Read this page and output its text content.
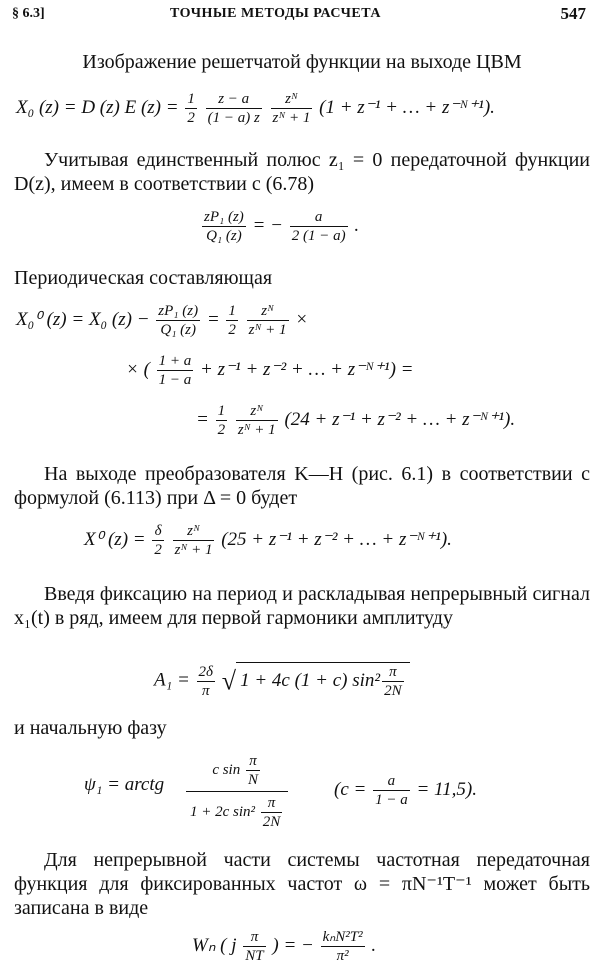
§ 6.3]	ТОЧНЫЕ МЕТОДЫ РАСЧЕТА	547
Изображение решетчатой функции на выходе ЦВМ
X₀ (z) = D (z) E $(z) = \frac{1}{2}$
$\frac{z - a}{(1 - a) z}$
$\frac{\text{zᴺ}}{\text{zᴺ + 1}} (1 + z^{-1}$ + … + z⁻ᴺ⁺¹).
Учитывая единственный полюс z₁ = 0 передаточной функции D(z), имеем в соответствии с (6.78)
$\frac{\text{zP₁ (z)}}{\text{Q₁ (z)}}$ = − $\frac{a}{2 (1 - a)}$ .
Периодическая составляющая
X₀⁰ (z) = X₀ $(z) - \frac{\text{zP₁ (z)}}{\text{Q₁ (z)}} = \frac{1}{2}$
$\frac{\text{zᴺ}}{\text{zᴺ + 1}}$ ×
× ( $\frac{1 + a}{1 - a} + z^{-1} + z^{-2}$ + … + z⁻ᴺ⁺¹) =
= $\frac{1}{2}$
$\frac{\text{zᴺ}}{\text{zᴺ + 1}} (24 + z^{-1} + z^{-2}$ + … + z⁻ᴺ⁺¹).
На выходе преобразователя K—H (рис. 6.1) в соответствии с формулой (6.113) при Δ = 0 будет
X⁰ $(z) = \frac{\delta}{2}$
$\frac{\text{zᴺ}}{\text{zᴺ + 1}} (25 + z^{-1} + z^{-2}$ + … + z⁻ᴺ⁺¹).
Введя фиксацию на период и раскладывая непрерывный сигнал x₁(t) в ряд, имеем для первой гармоники амплитуду
$A_1 = \frac{2\delta}{\pi}$ √ 1 + 4c (1 + c) $\sin^2 \frac{\pi}{2N}$
и начальную фазу
ψ₁ = arctg $\frac{c \sin \frac{\pi}{N}}{1 + 2c \sin^2 \frac{\pi}{2N}} (c = \frac{a}{1 - a} = 11,5)$.
Для непрерывной части системы частотная передаточная функция для фиксированных частот ω = πN⁻¹T⁻¹ может быть записана в виде
Wₙ ( j $\frac{\pi}{NT}$ ) = − $\frac{\text{kₙN²T²}}{\text{π²}}$ .
